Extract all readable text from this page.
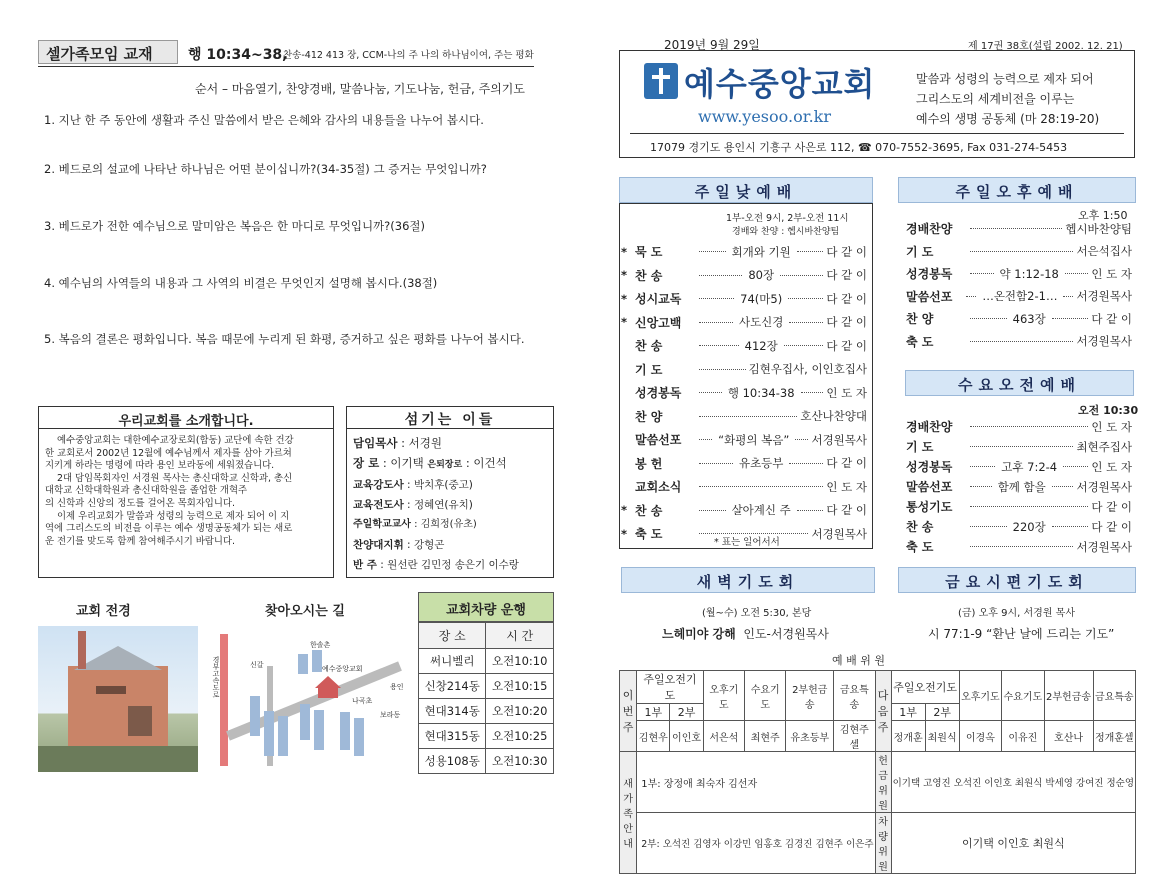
셀가족모임 교재	행 10:34~38,
찬송-412 413 장, CCM-나의 주 나의 하나님이여, 주는 평화
순서 – 마음열기, 찬양경배, 말씀나눔, 기도나눔, 헌금, 주의기도
1. 지난 한 주 동안에 생활과 주신 말씀에서 받은 은혜와 감사의 내용들을 나누어 봅시다.
2. 베드로의 설교에 나타난 하나님은 어떤 분이십니까?(34-35절) 그 증거는 무엇입니까?
3. 베드로가 전한 예수님으로 말미암은 복음은 한 마디로 무엇입니까?(36절)
4. 예수님의 사역들의 내용과 그 사역의 비결은 무엇인지 설명해 봅시다.(38절)
5. 복음의 결론은 평화입니다. 복음 때문에 누리게 된 화평, 증거하고 싶은 평화를 나누어 봅시다.
우리교회를 소개합니다.
예수중앙교회는 대한예수교장로회(합동) 교단에 속한 건강
한 교회로서 2002년 12월에 예수님께서 제자를 삼아 가르쳐
지키게 하라는 명령에 따라 용인 보라동에 세워졌습니다.
2대 담임목회자인 서경원 목사는 총신대학교 신학과, 총신
대학교 신학대학원과 총신대학원을 졸업한 개혁주
의 신학과 신앙의 정도를 걸어온 목회자입니다.
이제 우리교회가 말씀과 성령의 능력으로 제자 되어 이 지
역에 그리스도의 비전을 이루는 예수 생명공동체가 되는 새로
운 전기를 맞도록 함께 참여해주시기 바랍니다.
섬기는 이들
담임목사 : 서경원
장 로 : 이기택 은퇴장로 : 이건석
교육강도사 : 박치후(중고)
교육전도사 : 정혜연(유치)
주일학교교사 : 김희정(유초)
찬양대지휘 : 강형곤
반 주 : 원선란 김민정 송은기 이수랑
교회 전경	찾아오시는 길
경부고속도로	신갈	예수중앙교회
한솔촌
용인
보라동
나곡초
교회차량 운행
장 소	시 간
써니벨리	오전10:10
신창214동	오전10:15
현대314동	오전10:20
현대315동	오전10:25
성용108동	오전10:30
2019년 9월 29일	제 17권 38호(설립 2002. 12. 21)
예수중앙교회
www.yesoo.or.kr
말씀과 성령의 능력으로 제자 되어
그리스도의 세계비전을 이루는
예수의 생명 공동체 (마 28:19-20)
17079 경기도 용인시 기흥구 사은로 112, ☎ 070-7552-3695, Fax 031-274-5453
주일낮예배
1부-오전 9시, 2부-오전 11시
경배와 찬양 : 헵시바찬양팀
* 묵 도	회개와 기원	다 같 이
* 찬 송	80장	다 같 이
* 성시교독	74(마5)	다 같 이
* 신앙고백	사도신경	다 같 이
찬 송	412장	다 같 이
기 도	김현우집사, 이인호집사
성경봉독	행 10:34-38	인 도 자
찬 양	호산나찬양대
말씀선포	“화평의 복음” 서경원목사
봉 헌	유초등부	다 같 이
교회소식	인 도 자
* 찬 송	살아계신 주	다 같 이
* 축 도	서경원목사
* 표는 일어서서
주일오후예배
오후 1:50
경배찬양	헵시바찬양팀
기 도	서은석집사
성경봉독	약 1:12-18	인 도 자
말씀선포	…온전함2-1… 서경원목사
찬 양	463장	다 같 이
축 도	서경원목사
수요오전예배
오전 10:30
경배찬양	인 도 자
기 도	최현주집사
성경봉독	고후 7:2-4	인 도 자
말씀선포	함께 함을	서경원목사
통성기도	다 같 이
찬 송	220장	다 같 이
축 도	서경원목사
새벽기도회
(월~수) 오전 5:30, 본당
느헤미야 강해 인도-서경원목사
금요시편기도회
(금) 오후 9시, 서경원 목사
시 77:1-9 “환난 날에 드리는 기도”
예 배 위 원
이번주	주일오전기도		오후기도	수요기도	2부헌금송	금요특송	다음주	주일오전기도		오후기도	수요기도	2부헌금송	금요특송
	1부	2부						1부	2부				
	김현우	이인호	서은석	최현주	유초등부	김현주셀		정개훈	최원식	이경옥	이유진	호산나	정개훈셀
새가족안내	1부: 장정애 최숙자 김선자						헌금위원	이기택 고영진 오석진 이인호 최원식 박세영 강여진 정순영					
	2부: 오석진 김영자 이강민 임홍호 김경진 김현주 이은주						차량위원	이기택 이인호 최원식					
